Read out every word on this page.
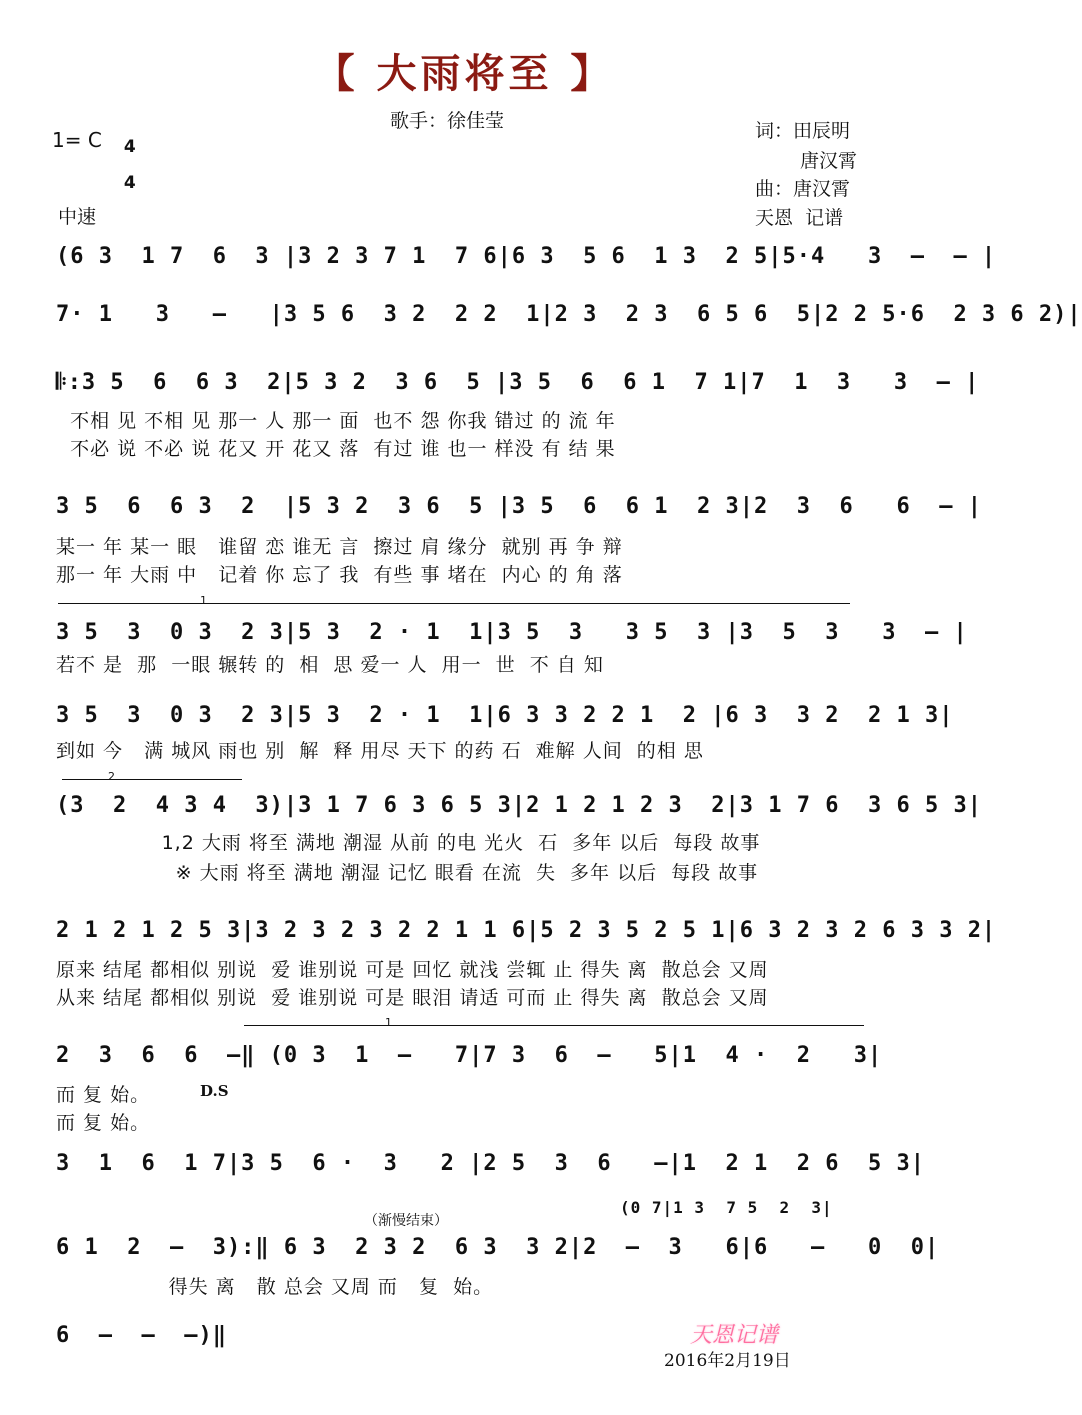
【 大雨将至 】
歌手：徐佳莹
1= C	4

4

中速
词：田辰明
唐汉霄
曲：唐汉霄
天恩  记谱
(6 3  1 7  6  3 |3 2 3 7 1  7 6|6 3  5 6  1 3  2 5|5·4   3  –  – |
7· 1   3   –   |3 5 6  3 2  2 2  1|2 3  2 3  6 5 6  5|2 2 5·6  2 3 6 2)|
𝄆:3 5  6  6 3  2|5 3 2  3 6  5 |3 5  6  6 1  7 1|7  1  3   3  – |
不相 见 不相 见 那一 人 那一 面  也不 怨 你我 错过 的 流 年
不必 说 不必 说 花又 开 花又 落  有过 谁 也一 样没 有 结 果
3 5  6  6 3  2  |5 3 2  3 6  5 |3 5  6  6 1  2 3|2  3  6   6  – |
某一 年 某一 眼   谁留 恋 谁无 言  擦过 肩 缘分  就别 再 争 辩
那一 年 大雨 中   记着 你 忘了 我  有些 事 堵在  内心 的 角 落
1
3 5  3  0 3  2 3|5 3  2 · 1  1|3 5  3   3 5  3 |3  5  3   3  – |
若不 是  那  一眼 辗转 的  相  思 爱一 人  用一  世  不 自 知
3 5  3  0 3  2 3|5 3  2 · 1  1|6 3 3 2 2 1  2 |6 3  3 2  2 1 3|
到如 今   满 城风 雨也 别  解  释 用尽 天下 的药 石  难解 人间  的相 思
2
(3  2  4 3 4  3)|3 1 7 6 3 6 5 3|2 1 2 1 2 3  2|3 1 7 6  3 6 5 3|
1,2 大雨 将至 满地 潮湿 从前 的电 光火  石  多年 以后  每段 故事
※ 大雨 将至 满地 潮湿 记忆 眼看 在流  失  多年 以后  每段 故事
2 1 2 1 2 5 3|3 2 3 2 3 2 2 1 1 6|5 2 3 5 2 5 1|6 3 2 3 2 6 3 3 2|
原来 结尾 都相似 别说  爱 谁别说 可是 回忆 就浅 尝辄 止 得失 离  散总会 又周
从来 结尾 都相似 别说  爱 谁别说 可是 眼泪 请适 可而 止 得失 离  散总会 又周
1
2  3  6  6  –‖ (0 3  1  –   7|7 3  6  –   5|1  4 ·  2   3|
而 复 始。	D.S
而 复 始。
3  1  6  1 7|3 5  6 ·  3   2 |2 5  3  6   –|1  2 1  2 6  5 3|
(0 7|1 3  7 5  2  3|
（渐慢结束）
6 1  2  –  3):‖ 6 3  2 3 2  6 3  3 2|2  –  3   6|6   –   0  0|
得失 离   散 总会 又周 而   复  始。
6  –  –  –)‖	天恩记谱
2016年2月19日
